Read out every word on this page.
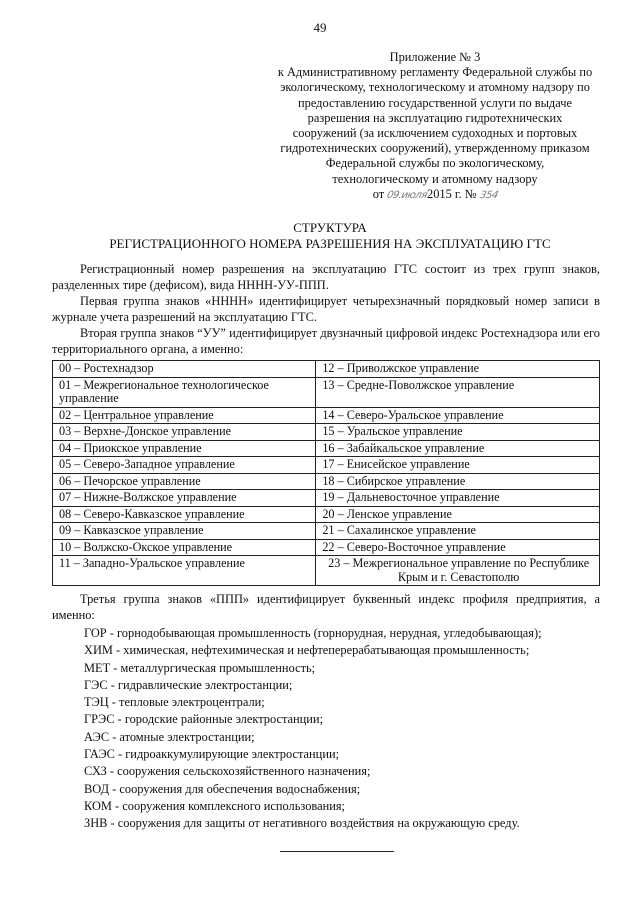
49
Приложение № 3
к Административному регламенту Федеральной службы по
экологическому, технологическому и атомному надзору по
предоставлению государственной услуги по выдаче
разрешения на эксплуатацию гидротехнических
сооружений (за исключением судоходных и портовых
гидротехнических сооружений), утвержденному приказом
Федеральной службы по экологическому,
технологическому и атомному надзору
от 09.июля2015 г. № 354
СТРУКТУРА
РЕГИСТРАЦИОННОГО НОМЕРА РАЗРЕШЕНИЯ НА ЭКСПЛУАТАЦИЮ ГТС
Регистрационный номер разрешения на эксплуатацию ГТС состоит из трех групп знаков, разделенных тире (дефисом), вида НННН-УУ-ППП.
Первая группа знаков «НННН» идентифицирует четырехзначный порядковый номер записи в журнале учета разрешений на эксплуатацию ГТС.
Вторая группа знаков “УУ” идентифицирует двузначный цифровой индекс Ростехнадзора или его территориального органа, а именно:
00 – Ростехнадзор	12 – Приволжское управление
01 – Межрегиональное технологическое управление	13 – Средне-Поволжское управление
02 – Центральное управление	14 – Северо-Уральское управление
03 – Верхне-Донское управление	15 – Уральское управление
04 – Приокское управление	16 – Забайкальское управление
05 – Северо-Западное управление	17 – Енисейское управление
06 – Печорское управление	18 – Сибирское управление
07 – Нижне-Волжское управление	19 – Дальневосточное управление
08 – Северо-Кавказское управление	20 – Ленское управление
09 – Кавказское управление	21 – Сахалинское управление
10 – Волжско-Окское управление	22 – Северо-Восточное управление
11 – Западно-Уральское управление	23 – Межрегиональное управление по Республике Крым и г. Севастополю
Третья группа знаков «ППП» идентифицирует буквенный индекс профиля предприятия, а именно:
ГОР - горнодобывающая промышленность (горнорудная, нерудная, угледобывающая);
ХИМ - химическая, нефтехимическая и нефтеперерабатывающая промышленность;
МЕТ - металлургическая промышленность;
ГЭС - гидравлические электростанции;
ТЭЦ - тепловые электроцентрали;
ГРЭС - городские районные электростанции;
АЭС - атомные электростанции;
ГАЭС - гидроаккумулирующие электростанции;
СХЗ - сооружения сельскохозяйственного назначения;
ВОД - сооружения для обеспечения водоснабжения;
КОМ - сооружения комплексного использования;
ЗНВ - сооружения для защиты от негативного воздействия на окружающую среду.
